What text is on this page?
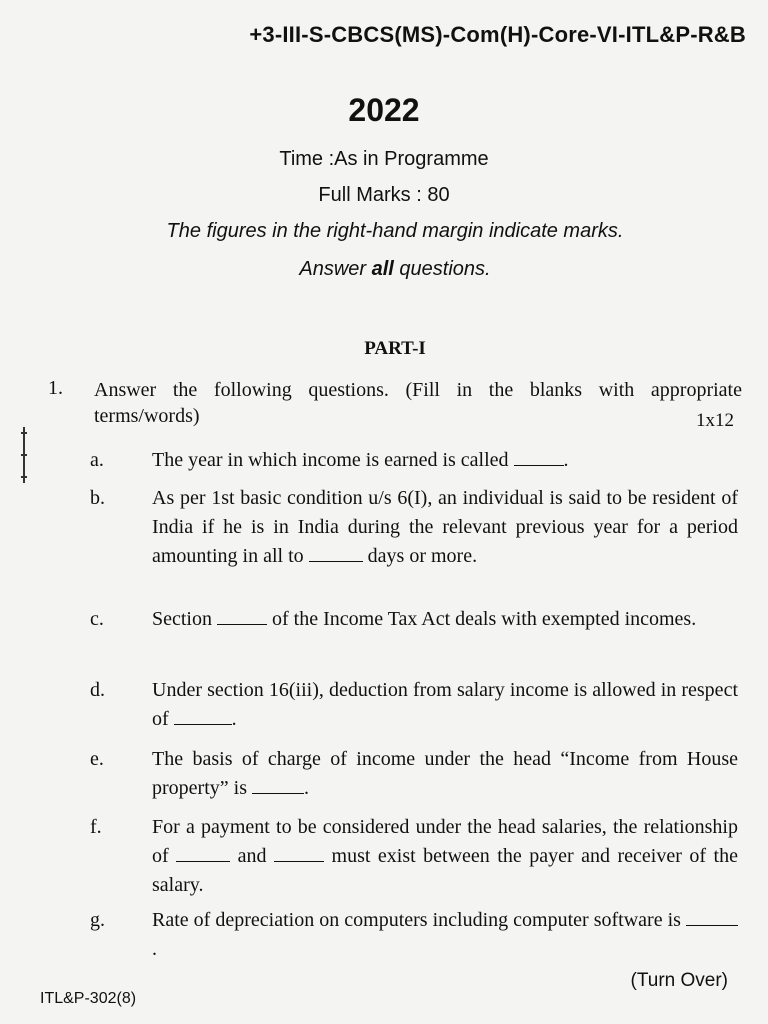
+3-III-S-CBCS(MS)-Com(H)-Core-VI-ITL&P-R&B
2022
Time :As in Programme
Full Marks : 80
The figures in the right-hand margin indicate marks.
Answer all questions.
PART-I
1. Answer the following questions. (Fill in the blanks with appropriate terms/words)	1x12
a. The year in which income is earned is called	.
b. As per 1st basic condition u/s 6(I), an individual is said to be resident of India if he is in India during the relevant previous year for a period amounting in all to	days or more.
c. Section	of the Income Tax Act deals with exempted incomes.
d. Under section 16(iii), deduction from salary income is allowed in respect of	.
e. The basis of charge of income under the head “Income from House property” is	.
f.	For a payment to be considered under the head salaries, the relationship of	and	must exist between the payer and receiver of the salary.
g. Rate of depreciation on computers including computer software is .
(Turn Over)
ITL&P-302(8)
